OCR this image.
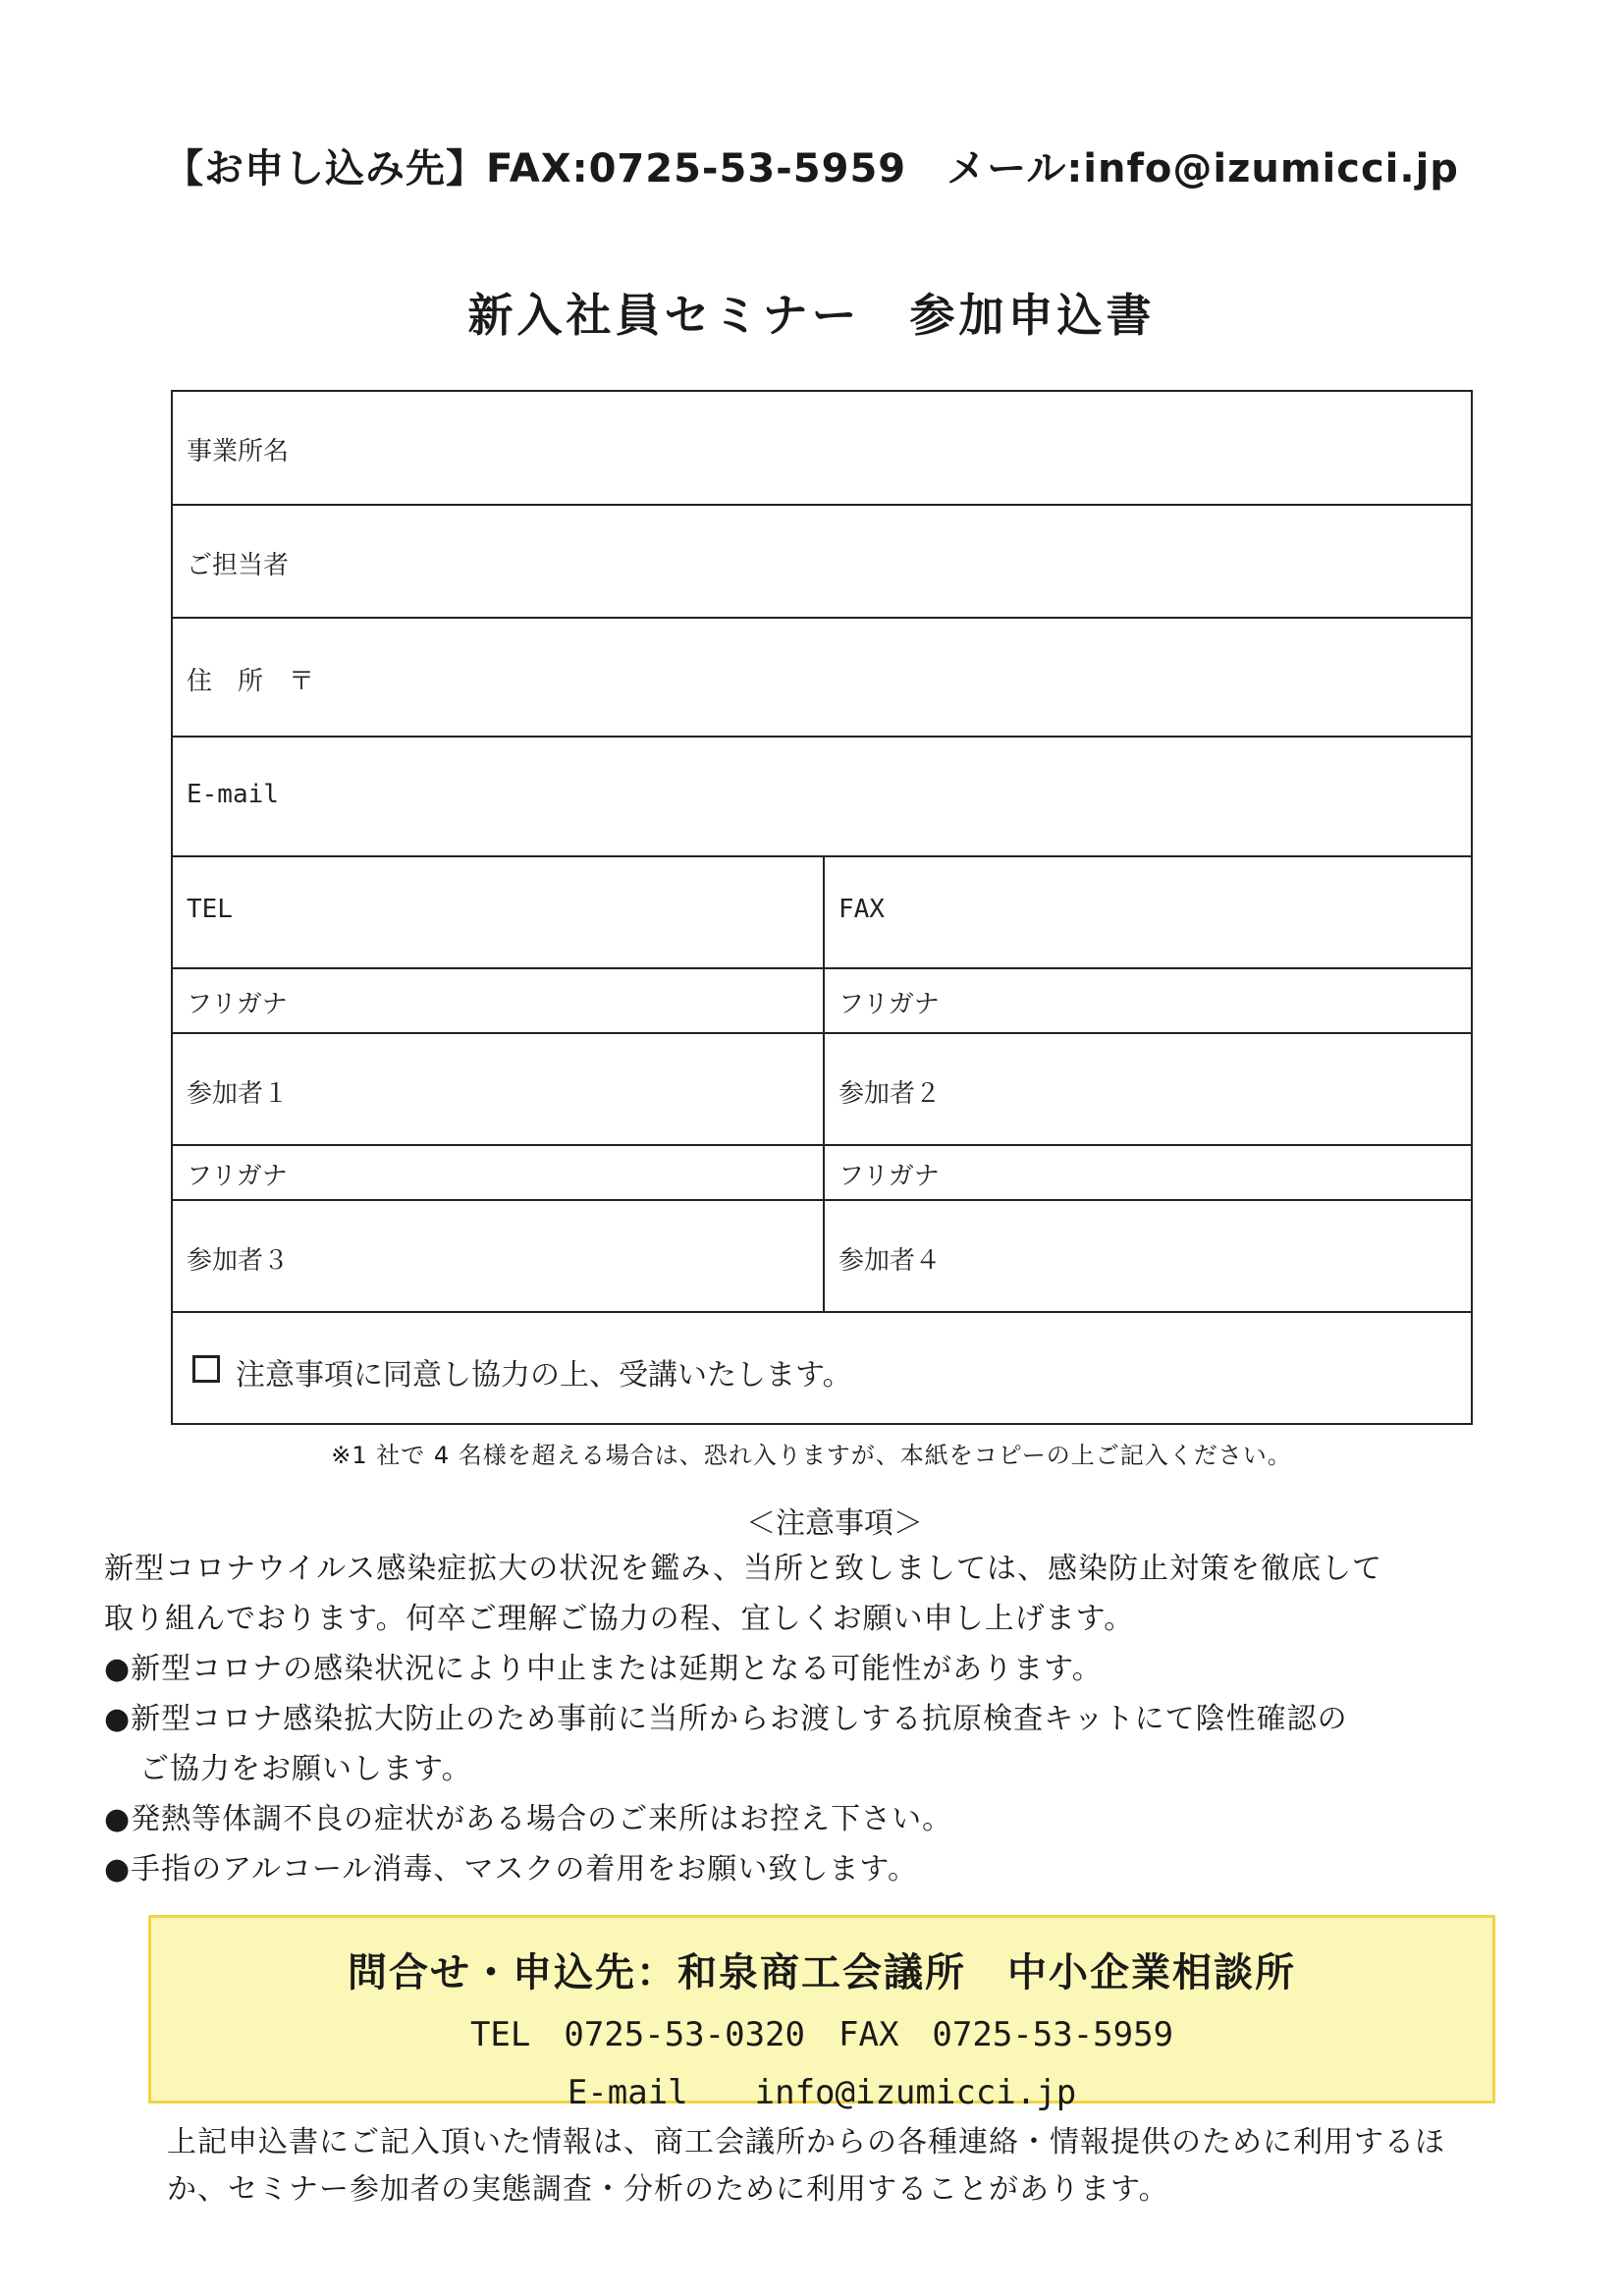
【お申し込み先】FAX:0725-53-5959　メール:info@izumicci.jp
新入社員セミナー　参加申込書
事業所名
ご担当者
住　所　〒
E-mail
TEL	FAX
フリガナ	フリガナ
参加者１	参加者２
フリガナ	フリガナ
参加者３	参加者４
注意事項に同意し協力の上、受講いたします。
※1 社で 4 名様を超える場合は、恐れ入りますが、本紙をコピーの上ご記入ください。
＜注意事項＞

新型コロナウイルス感染症拡大の状況を鑑み、当所と致しましては、感染防止対策を徹底して

取り組んでおります。何卒ご理解ご協力の程、宜しくお願い申し上げます。

●新型コロナの感染状況により中止または延期となる可能性があります。

●新型コロナ感染拡大防止のため事前に当所からお渡しする抗原検査キットにて陰性確認の

ご協力をお願いします。

●発熱等体調不良の症状がある場合のご来所はお控え下さい。

●手指のアルコール消毒、マスクの着用をお願い致します。

問合せ・申込先：和泉商工会議所　中小企業相談所
TEL　0725-53-0320　FAX　0725-53-5959
E-mail　　info@izumicci.jp
上記申込書にご記入頂いた情報は、商工会議所からの各種連絡・情報提供のために利用するほ
か、セミナー参加者の実態調査・分析のために利用することがあります。
